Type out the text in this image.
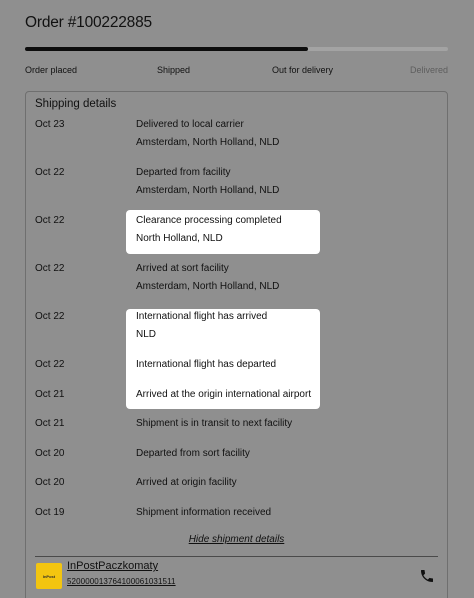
Order #100222885
Order placed	Shipped	Out for delivery	Delivered
Shipping details
Oct 23	Delivered to local carrier
Amsterdam, North Holland, NLD
Oct 22	Departed from facility
Amsterdam, North Holland, NLD
Oct 22	Clearance processing completed
North Holland, NLD
Oct 22	Arrived at sort facility
Amsterdam, North Holland, NLD
Oct 22	International flight has arrived
NLD
Oct 22	International flight has departed
Oct 21	Arrived at the origin international airport
Oct 21	Shipment is in transit to next facility
Oct 20	Departed from sort facility
Oct 20	Arrived at origin facility
Oct 19	Shipment information received
Hide shipment details
InPost
InPostPaczkomaty
520000013764100061031511
